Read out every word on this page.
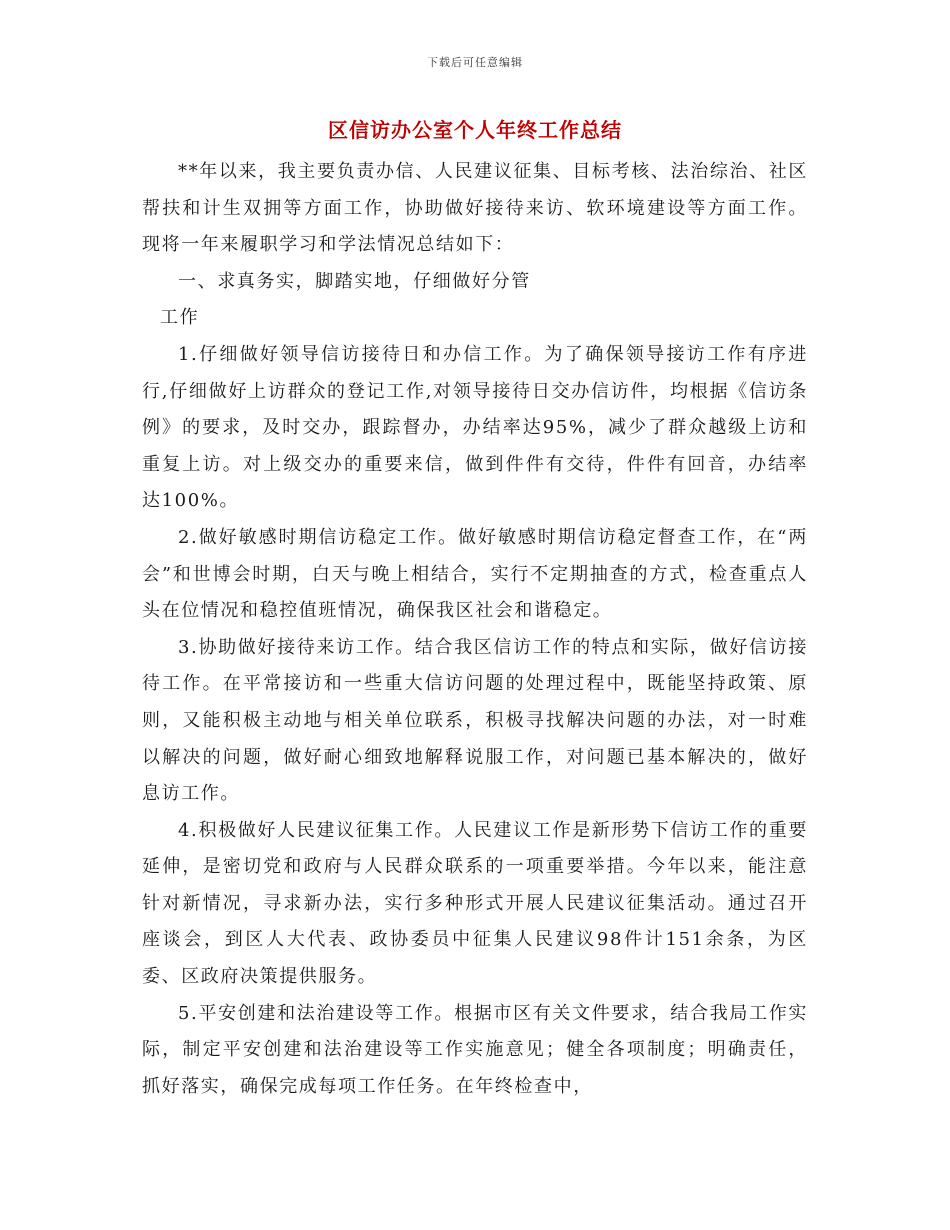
下载后可任意编辑
区信访办公室个人年终工作总结

**年以来，我主要负责办信、人民建议征集、目标考核、法治综治、社区帮扶和计生双拥等方面工作，协助做好接待来访、软环境建设等方面工作。现将一年来履职学习和学法情况总结如下：

一、求真务实，脚踏实地，仔细做好分管

工作

1.仔细做好领导信访接待日和办信工作。为了确保领导接访工作有序进行,仔细做好上访群众的登记工作,对领导接待日交办信访件，均根据《信访条例》的要求，及时交办，跟踪督办，办结率达95%，减少了群众越级上访和重复上访。对上级交办的重要来信，做到件件有交待，件件有回音，办结率达100%。

2.做好敏感时期信访稳定工作。做好敏感时期信访稳定督查工作，在“两会”和世博会时期，白天与晚上相结合，实行不定期抽查的方式，检查重点人头在位情况和稳控值班情况，确保我区社会和谐稳定。

3.协助做好接待来访工作。结合我区信访工作的特点和实际，做好信访接待工作。在平常接访和一些重大信访问题的处理过程中，既能坚持政策、原则，又能积极主动地与相关单位联系，积极寻找解决问题的办法，对一时难以解决的问题，做好耐心细致地解释说服工作，对问题已基本解决的，做好息访工作。

4.积极做好人民建议征集工作。人民建议工作是新形势下信访工作的重要延伸，是密切党和政府与人民群众联系的一项重要举措。今年以来，能注意针对新情况，寻求新办法，实行多种形式开展人民建议征集活动。通过召开座谈会，到区人大代表、政协委员中征集人民建议98件计151余条，为区委、区政府决策提供服务。

5.平安创建和法治建设等工作。根据市区有关文件要求，结合我局工作实际，制定平安创建和法治建设等工作实施意见；健全各项制度；明确责任，抓好落实，确保完成每项工作任务。在年终检查中，
